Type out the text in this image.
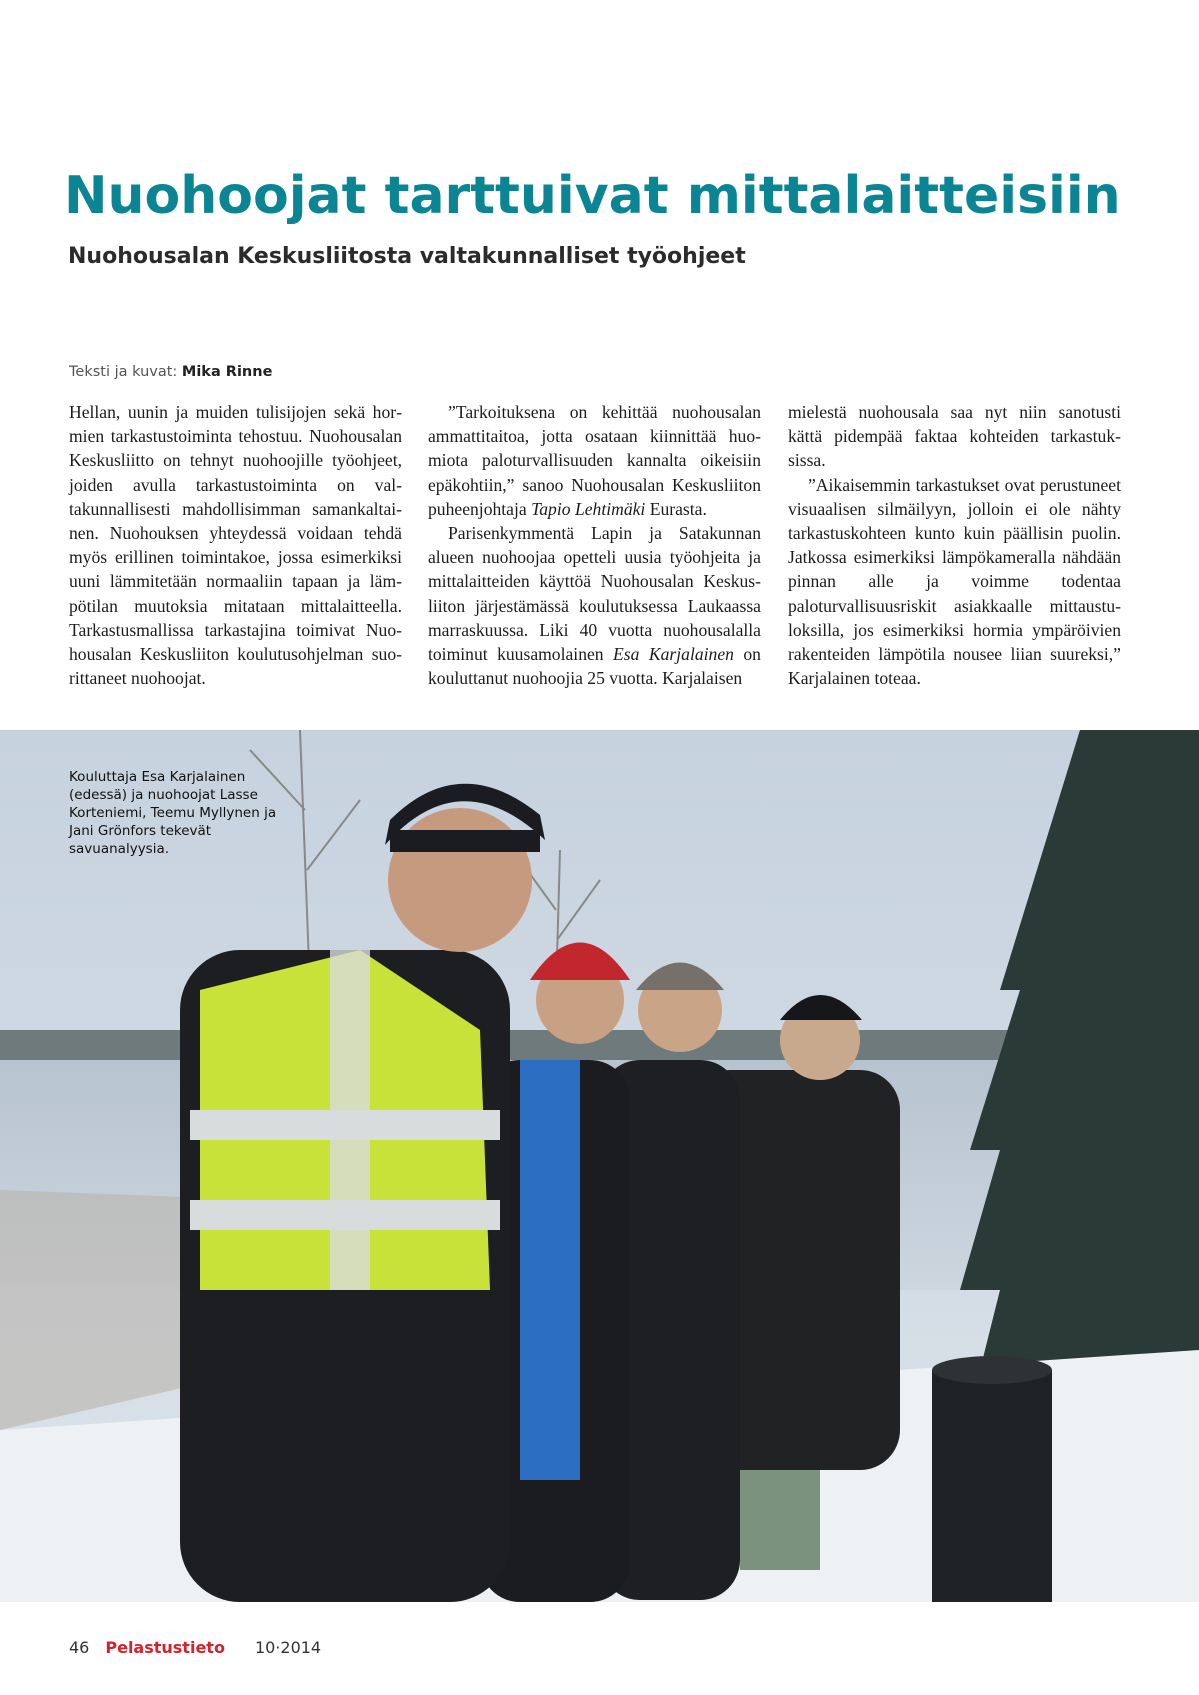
Nuohoojat tarttuivat mittalaitteisiin
Nuohousalan Keskusliitosta valtakunnalliset työohjeet
Teksti ja kuvat: Mika Rinne

Hellan, uunin ja muiden tulisijojen sekä hormien tarkastustoiminta tehostuu. Nuohousalan Keskusliitto on tehnyt nuohoojille työohjeet, joiden avulla tarkastustoiminta on valtakunnallisesti mahdollisimman samankaltainen. Nuohouksen yhteydessä voidaan tehdä myös erillinen toimintakoe, jossa esimerkiksi uuni lämmitetään normaaliin tapaan ja lämpötilan muutoksia mitataan mittalaitteella. Tarkastusmallissa tarkastajina toimivat Nuohousalan Keskusliiton koulutusohjelman suorittaneet nuohoojat.

”Tarkoituksena on kehittää nuohousalan ammattitaitoa, jotta osataan kiinnittää huomiota paloturvallisuuden kannalta oikeisiin epäkohtiin,” sanoo Nuohousalan Keskusliiton puheenjohtaja Tapio Lehtimäki Eurasta.

Parisenkymmentä Lapin ja Satakunnan alueen nuohoojaa opetteli uusia työohjeita ja mittalaitteiden käyttöä Nuohousalan Keskusliiton järjestämässä koulutuksessa Laukaassa marraskuussa. Liki 40 vuotta nuohousalalla toiminut kuusamolainen Esa Karjalainen on kouluttanut nuohoojia 25 vuotta. Karjalaisen

mielestä nuohousala saa nyt niin sanotusti kättä pidempää faktaa kohteiden tarkastuksissa.

”Aikaisemmin tarkastukset ovat perustuneet visuaalisen silmäilyyn, jolloin ei ole nähty tarkastuskohteen kunto kuin päällisin puolin. Jatkossa esimerkiksi lämpökameralla nähdään pinnan alle ja voimme todentaa paloturvallisuusriskit asiakkaalle mittaustuloksilla, jos esimerkiksi hormia ympäröivien rakenteiden lämpötila nousee liian suureksi,” Karjalainen toteaa.

Kouluttaja Esa Karjalainen (edessä) ja nuohoojat Lasse Korteniemi, Teemu Myllynen ja Jani Grönfors tekevät savuanalyysia.
46 Pelastustieto 10·2014
